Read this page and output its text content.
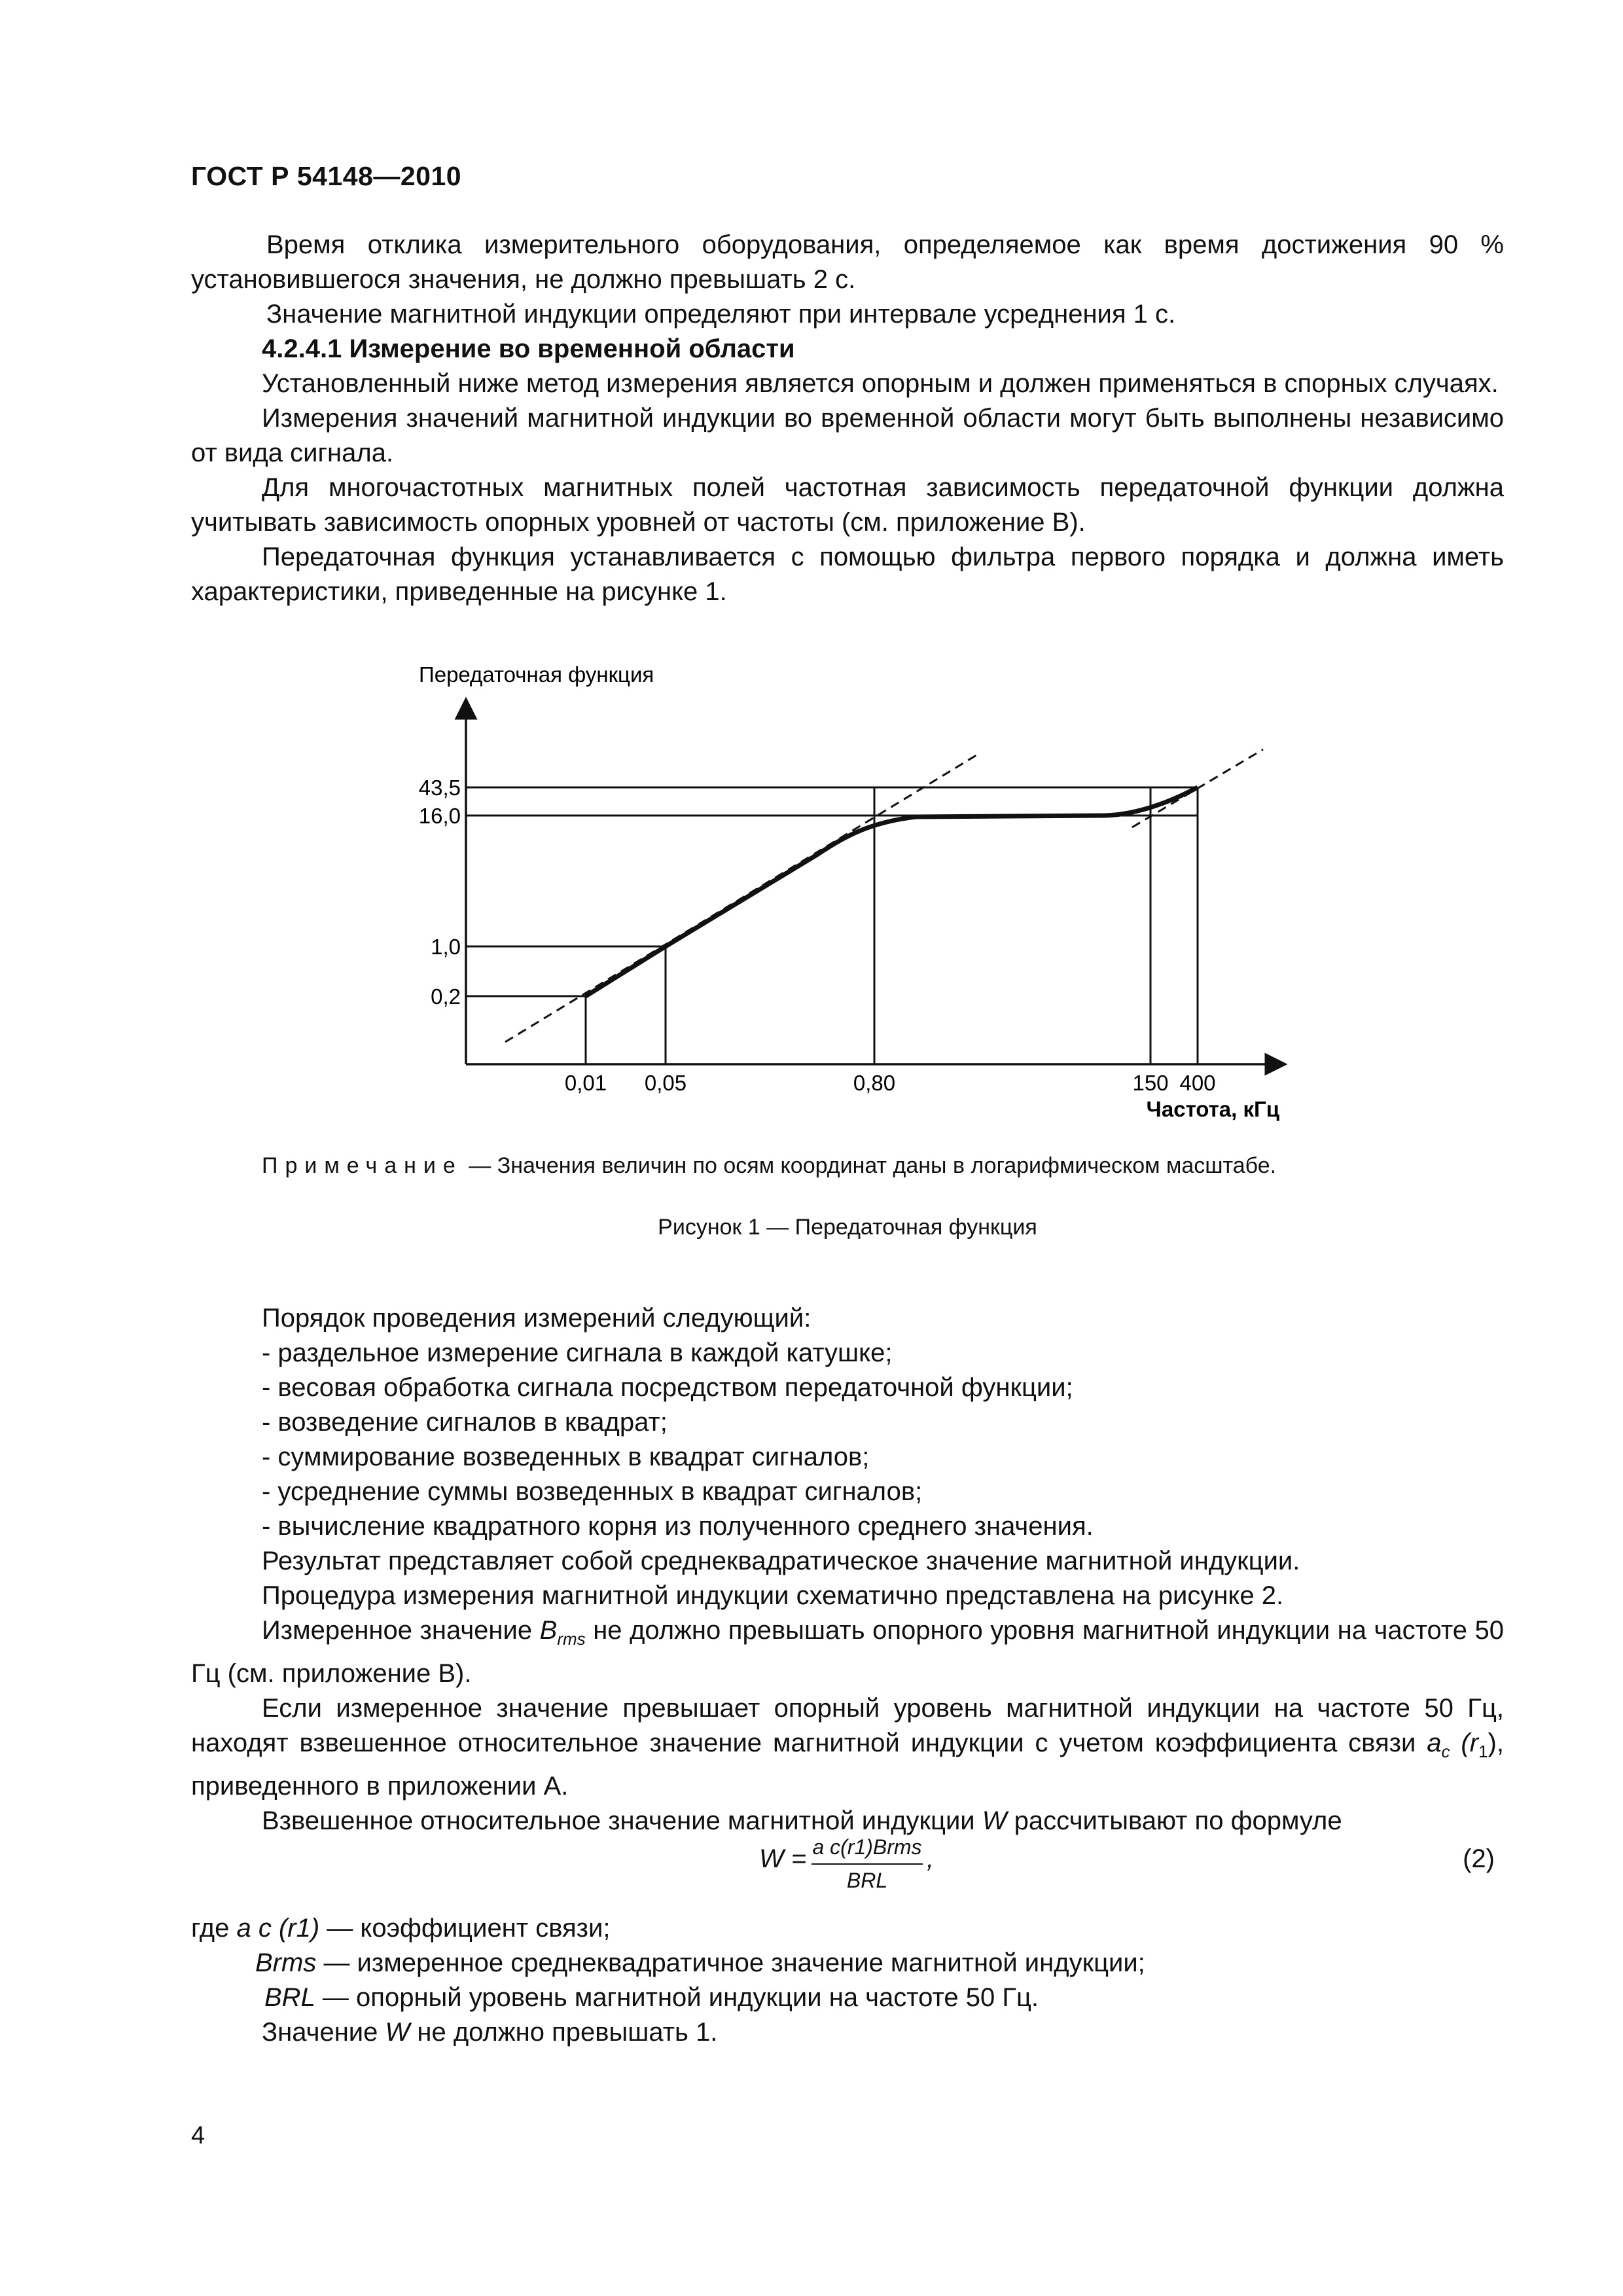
ГОСТ Р 54148—2010

Время отклика измерительного оборудования, определяемое как время достижения 90 % установившегося значения, не должно превышать 2 с.

Значение магнитной индукции определяют при интервале усреднения 1 с.

4.2.4.1 Измерение во временной области

Установленный ниже метод измерения является опорным и должен применяться в спорных случаях.

Измерения значений магнитной индукции во временной области могут быть выполнены независимо от вида сигнала.

Для многочастотных магнитных полей частотная зависимость передаточной функции должна учитывать зависимость опорных уровней от частоты (см. приложение В).

Передаточная функция устанавливается с помощью фильтра первого порядка и должна иметь характеристики, приведенные на рисунке 1.

Передаточная функция
0,2
1,0
16,0
43,5
0,01 0,05	0,80	150 400
Частота, кГц
Примечание — Значения величин по осям координат даны в логарифмическом масштабе.
Рисунок 1 — Передаточная функция

Порядок проведения измерений следующий:

- раздельное измерение сигнала в каждой катушке;

- весовая обработка сигнала посредством передаточной функции;

- возведение сигналов в квадрат;

- суммирование возведенных в квадрат сигналов;

- усреднение суммы возведенных в квадрат сигналов;

- вычисление квадратного корня из полученного среднего значения.

Результат представляет собой среднеквадратическое значение магнитной индукции.

Процедура измерения магнитной индукции схематично представлена на рисунке 2.

Измеренное значение $B_{rms}$ не должно превышать опорного уровня магнитной индукции на частоте 50 Гц (см. приложение В).

Если измеренное значение превышает опорный уровень магнитной индукции на частоте 50 Гц, находят взвешенное относительное значение магнитной индукции с учетом коэффициента связи $a_c$ $(r_1)$, приведенного в приложении А.

Взвешенное относительное значение магнитной индукции W рассчитывают по формуле

W = a c(r1)Brms
BRL
,	(2)

где a c (r1) — коэффициент связи;

Brms — измеренное среднеквадратичное значение магнитной индукции;

BRL — опорный уровень магнитной индукции на частоте 50 Гц.

Значение W не должно превышать 1.

4
